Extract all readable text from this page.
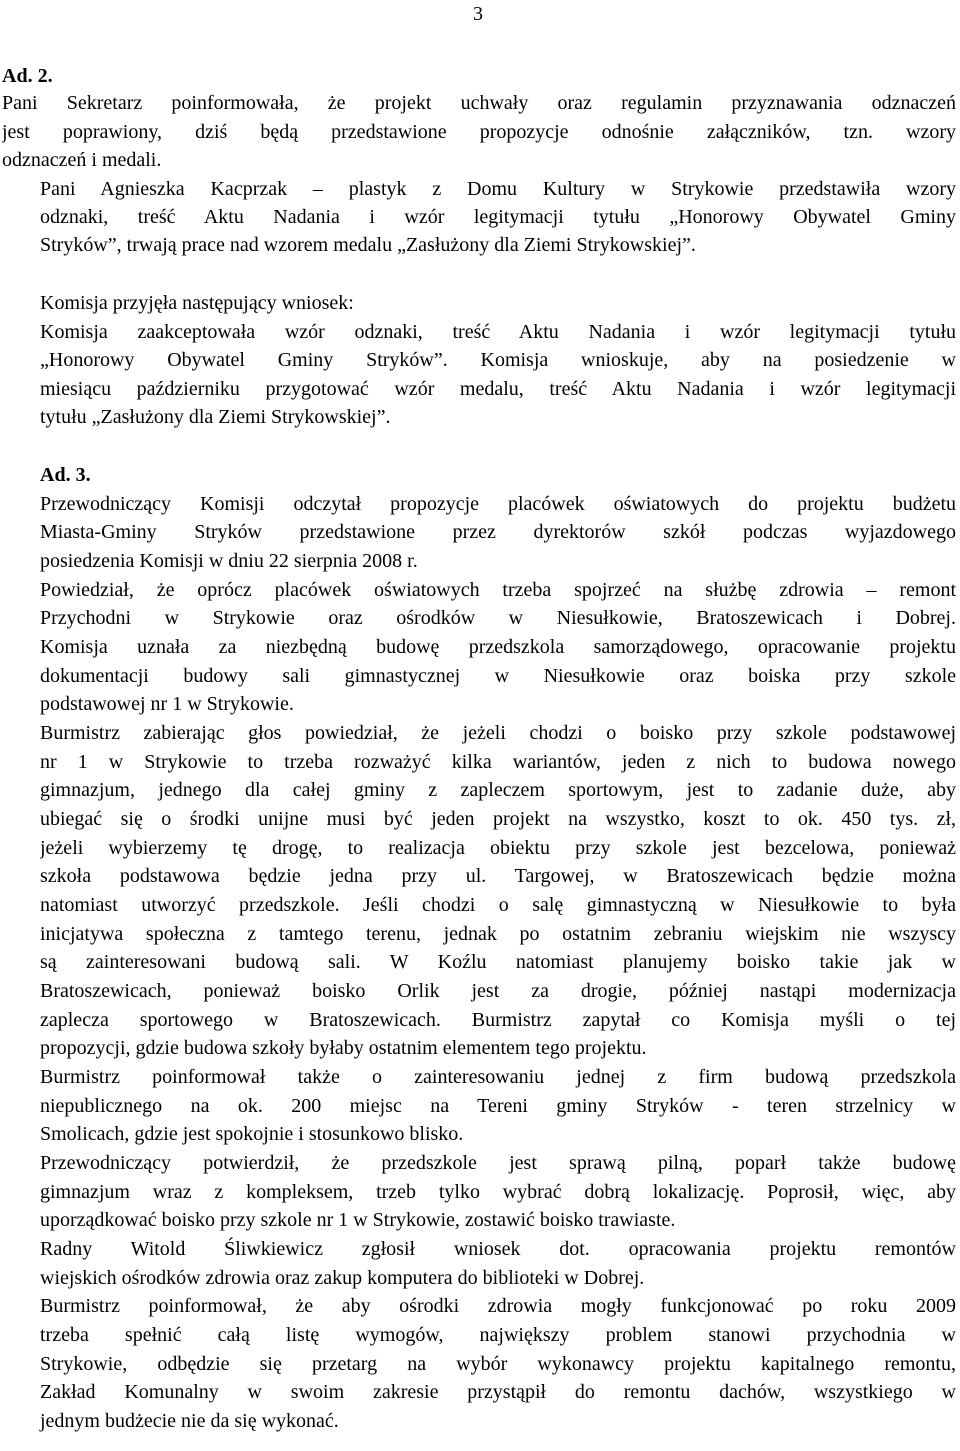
3
Ad. 2.
Pani Sekretarz poinformowała, że projekt uchwały oraz regulamin przyznawania odznaczeń
jest poprawiony, dziś będą przedstawione propozycje odnośnie załączników, tzn. wzory
odznaczeń i medali.
Pani Agnieszka Kacprzak – plastyk z Domu Kultury w Strykowie przedstawiła wzory
odznaki, treść Aktu Nadania i wzór legitymacji tytułu „Honorowy Obywatel Gminy
Stryków”, trwają prace nad wzorem medalu „Zasłużony dla Ziemi Strykowskiej”.
Komisja przyjęła następujący wniosek:
Komisja zaakceptowała wzór odznaki, treść Aktu Nadania i wzór legitymacji tytułu
„Honorowy Obywatel Gminy Stryków”. Komisja wnioskuje, aby na posiedzenie w
miesiącu październiku przygotować wzór medalu, treść Aktu Nadania i wzór legitymacji
tytułu „Zasłużony dla Ziemi Strykowskiej”.
Ad. 3.
Przewodniczący Komisji odczytał propozycje placówek oświatowych do projektu budżetu
Miasta-Gminy Stryków przedstawione przez dyrektorów szkół podczas wyjazdowego
posiedzenia Komisji w dniu 22 sierpnia 2008 r.
Powiedział, że oprócz placówek oświatowych trzeba spojrzeć na służbę zdrowia – remont
Przychodni w Strykowie oraz ośrodków w Niesułkowie, Bratoszewicach i Dobrej.
Komisja uznała za niezbędną budowę przedszkola samorządowego, opracowanie projektu
dokumentacji budowy sali gimnastycznej w Niesułkowie oraz boiska przy szkole
podstawowej nr 1 w Strykowie.
Burmistrz zabierając głos powiedział, że jeżeli chodzi o boisko przy szkole podstawowej
nr 1 w Strykowie to trzeba rozważyć kilka wariantów, jeden z nich to budowa nowego
gimnazjum, jednego dla całej gminy z zapleczem sportowym, jest to zadanie duże, aby
ubiegać się o środki unijne musi być jeden projekt na wszystko, koszt to ok. 450 tys. zł,
jeżeli wybierzemy tę drogę, to realizacja obiektu przy szkole jest bezcelowa, ponieważ
szkoła podstawowa będzie jedna przy ul. Targowej, w Bratoszewicach będzie można
natomiast utworzyć przedszkole. Jeśli chodzi o salę gimnastyczną w Niesułkowie to była
inicjatywa społeczna z tamtego terenu, jednak po ostatnim zebraniu wiejskim nie wszyscy
są zainteresowani budową sali. W Koźlu natomiast planujemy boisko takie jak w
Bratoszewicach, ponieważ boisko Orlik jest za drogie, później nastąpi modernizacja
zaplecza sportowego w Bratoszewicach. Burmistrz zapytał co Komisja myśli o tej
propozycji, gdzie budowa szkoły byłaby ostatnim elementem tego projektu.
Burmistrz poinformował także o zainteresowaniu jednej z firm budową przedszkola
niepublicznego na ok. 200 miejsc na Tereni gminy Stryków - teren strzelnicy w
Smolicach, gdzie jest spokojnie i stosunkowo blisko.
Przewodniczący potwierdził, że przedszkole jest sprawą pilną, poparł także budowę
gimnazjum wraz z kompleksem, trzeb tylko wybrać dobrą lokalizację. Poprosił, więc, aby
uporządkować boisko przy szkole nr 1 w Strykowie, zostawić boisko trawiaste.
Radny Witold Śliwkiewicz zgłosił wniosek dot. opracowania projektu remontów
wiejskich ośrodków zdrowia oraz zakup komputera do biblioteki w Dobrej.
Burmistrz poinformował, że aby ośrodki zdrowia mogły funkcjonować po roku 2009
trzeba spełnić całą listę wymogów, największy problem stanowi przychodnia w
Strykowie, odbędzie się przetarg na wybór wykonawcy projektu kapitalnego remontu,
Zakład Komunalny w swoim zakresie przystąpił do remontu dachów, wszystkiego w
jednym budżecie nie da się wykonać.
